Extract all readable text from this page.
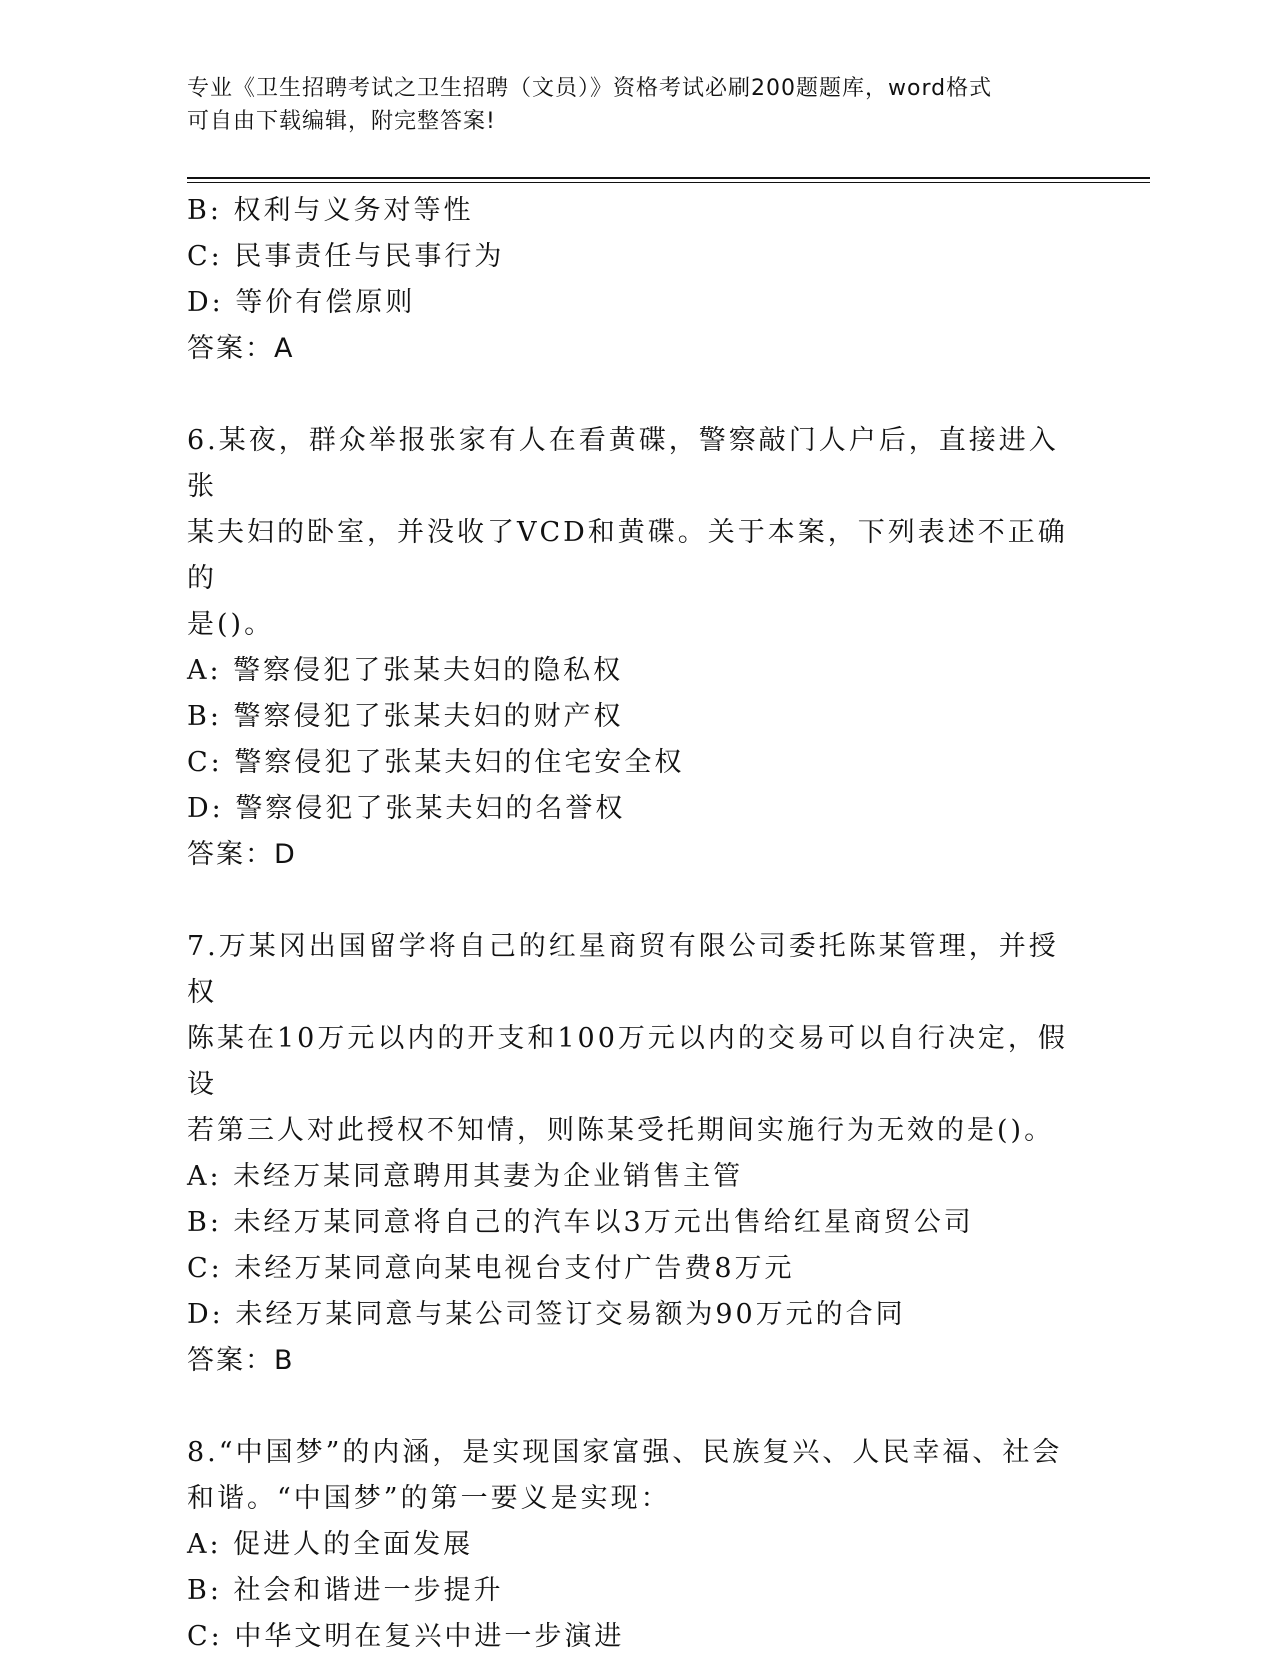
专业《卫生招聘考试之卫生招聘（文员）》资格考试必刷200题题库，word格式
可自由下载编辑，附完整答案!
B: 权利与义务对等性
C: 民事责任与民事行为
D: 等价有偿原则
答案：A
6.某夜，群众举报张家有人在看黄碟，警察敲门人户后，直接进入张
某夫妇的卧室，并没收了VCD和黄碟。关于本案，下列表述不正确的
是()。
A: 警察侵犯了张某夫妇的隐私权
B: 警察侵犯了张某夫妇的财产权
C: 警察侵犯了张某夫妇的住宅安全权
D: 警察侵犯了张某夫妇的名誉权
答案：D
7.万某冈出国留学将自己的红星商贸有限公司委托陈某管理，并授权
陈某在10万元以内的开支和100万元以内的交易可以自行决定，假设
若第三人对此授权不知情，则陈某受托期间实施行为无效的是()。
A: 未经万某同意聘用其妻为企业销售主管
B: 未经万某同意将自己的汽车以3万元出售给红星商贸公司
C: 未经万某同意向某电视台支付广告费8万元
D: 未经万某同意与某公司签订交易额为90万元的合同
答案：B
8.“中国梦”的内涵，是实现国家富强、民族复兴、人民幸福、社会
和谐。“中国梦”的第一要义是实现：
A: 促进人的全面发展
B: 社会和谐进一步提升
C: 中华文明在复兴中进一步演进
